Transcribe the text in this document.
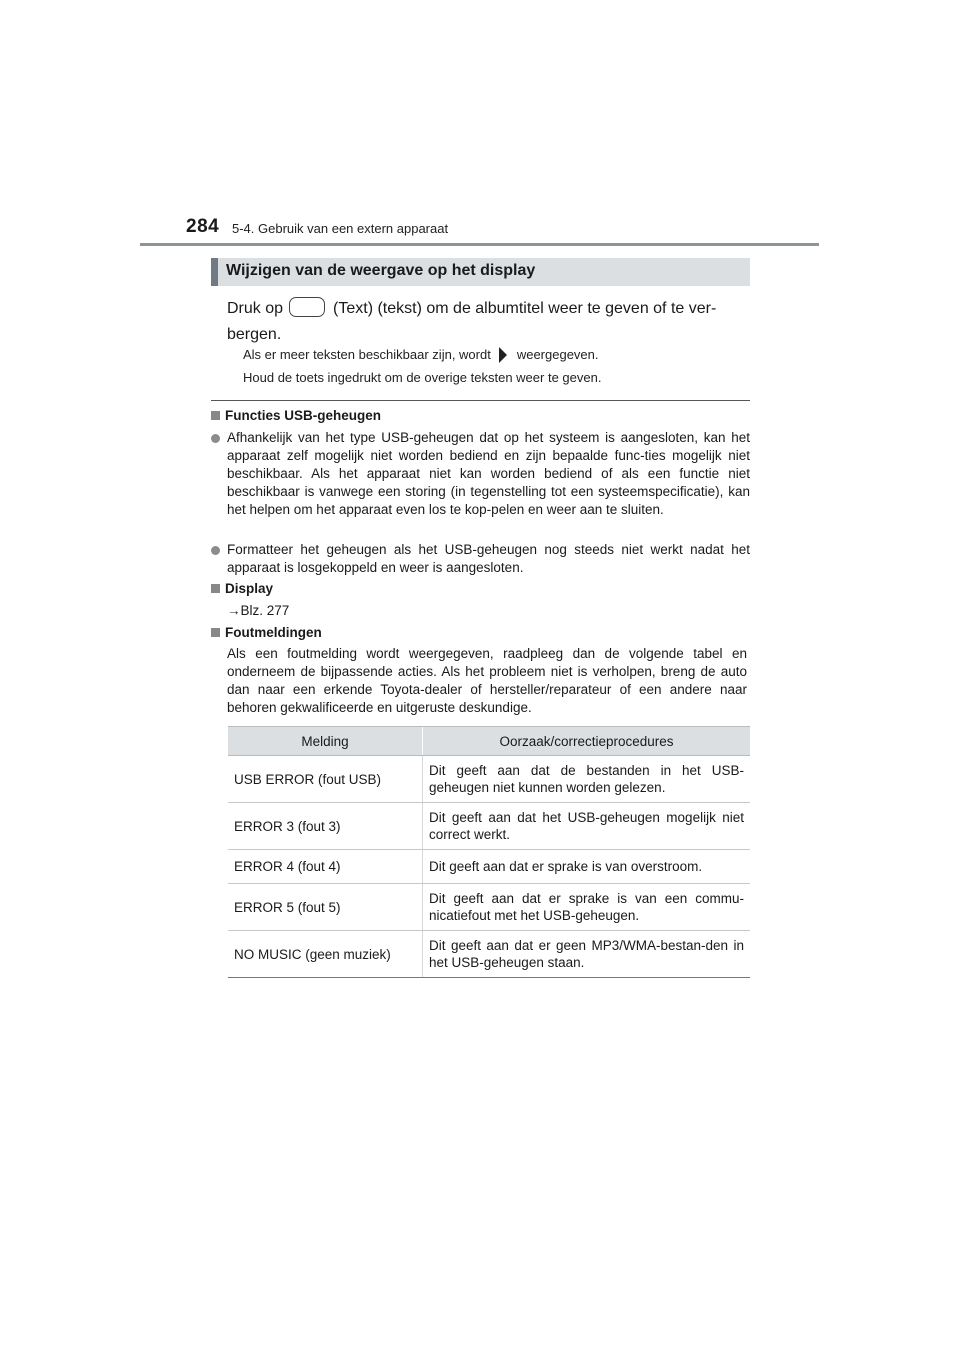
284 5-4. Gebruik van een extern apparaat
Wijzigen van de weergave op het display
Druk op	(Text) (tekst) om de albumtitel weer te geven of te ver-
bergen.
Als er meer teksten beschikbaar zijn, wordt weergegeven.
Houd de toets ingedrukt om de overige teksten weer te geven.
Functies USB-geheugen
Afhankelijk van het type USB-geheugen dat op het systeem is aangesloten, kan het apparaat zelf mogelijk niet worden bediend en zijn bepaalde func-ties mogelijk niet beschikbaar. Als het apparaat niet kan worden bediend of als een functie niet beschikbaar is vanwege een storing (in tegenstelling tot een systeemspecificatie), kan het helpen om het apparaat even los te kop-pelen en weer aan te sluiten.
Formatteer het geheugen als het USB-geheugen nog steeds niet werkt nadat het apparaat is losgekoppeld en weer is aangesloten.
Display
→Blz. 277
Foutmeldingen
Als een foutmelding wordt weergegeven, raadpleeg dan de volgende tabel en onderneem de bijpassende acties. Als het probleem niet is verholpen, breng de auto dan naar een erkende Toyota-dealer of hersteller/reparateur of een andere naar behoren gekwalificeerde en uitgeruste deskundige.
Melding	Oorzaak/correctieprocedures
USB ERROR (fout USB)	Dit geeft aan dat de bestanden in het USB-geheugen niet kunnen worden gelezen.
ERROR 3 (fout 3)	Dit geeft aan dat het USB-geheugen mogelijk niet correct werkt.
ERROR 4 (fout 4)	Dit geeft aan dat er sprake is van overstroom.
ERROR 5 (fout 5)	Dit geeft aan dat er sprake is van een commu-nicatiefout met het USB-geheugen.
NO MUSIC (geen muziek)	Dit geeft aan dat er geen MP3/WMA-bestan-den in het USB-geheugen staan.
